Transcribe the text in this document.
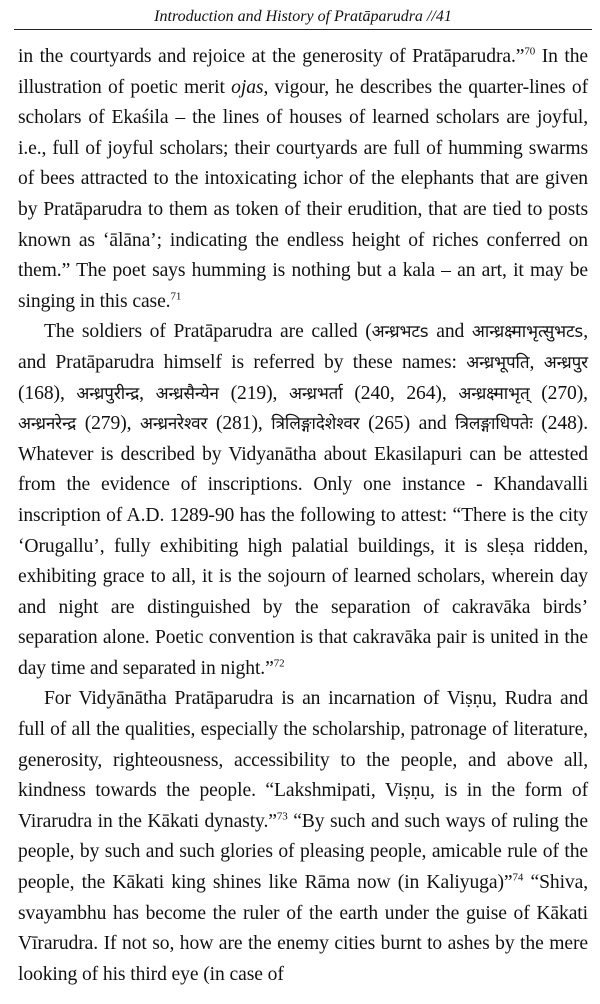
Introduction and History of Pratāparudra //41

in the courtyards and rejoice at the generosity of Pratāparudra.”$^{70}$ In the illustration of poetic merit ojas, vigour, he describes the quarter-lines of scholars of Ekaśila – the lines of houses of learned scholars are joyful, i.e., full of joyful scholars; their courtyards are full of humming swarms of bees attracted to the intoxicating ichor of the elephants that are given by Pratāparudra to them as token of their erudition, that are tied to posts known as ‘ālāna’; indicating the endless height of riches conferred on them.” The poet says humming is nothing but a kala – an art, it may be singing in this case.$^{71}$

The soldiers of Pratāparudra are called (अन्ध्रभटs and आन्ध्रक्ष्माभृत्सुभटs, and Pratāparudra himself is referred by these names: अन्ध्रभूपति, अन्ध्रपुर (168), अन्ध्रपुरीन्द्र, अन्ध्रसैन्येन (219), अन्ध्रभर्ता (240, 264), अन्ध्रक्ष्माभृत् (270), अन्ध्रनरेन्द्र (279), अन्ध्रनरेश्वर (281), त्रिलिङ्गादेशेश्वर (265) and त्रिलङ्गाधिपतेः (248). Whatever is described by Vidyanātha about Ekasilapuri can be attested from the evidence of inscriptions. Only one instance - Khandavalli inscription of A.D. 1289-90 has the following to attest: “There is the city ‘Orugallu’, fully exhibiting high palatial buildings, it is sleṣa ridden, exhibiting grace to all, it is the sojourn of learned scholars, wherein day and night are distinguished by the separation of cakravāka birds’ separation alone. Poetic convention is that cakravāka pair is united in the day time and separated in night.”$^{72}$

For Vidyānātha Pratāparudra is an incarnation of Viṣṇu, Rudra and full of all the qualities, especially the scholarship, patronage of literature, generosity, righteousness, accessibility to the people, and above all, kindness towards the people. “Lakshmipati, Viṣṇu, is in the form of Virarudra in the Kākati dynasty.”$^{73}$ “By such and such ways of ruling the people, by such and such glories of pleasing people, amicable rule of the people, the Kākati king shines like Rāma now (in Kaliyuga)”$^{74}$ “Shiva, svayambhu has become the ruler of the earth under the guise of Kākati Vīrarudra. If not so, how are the enemy cities burnt to ashes by the mere looking of his third eye (in case of
